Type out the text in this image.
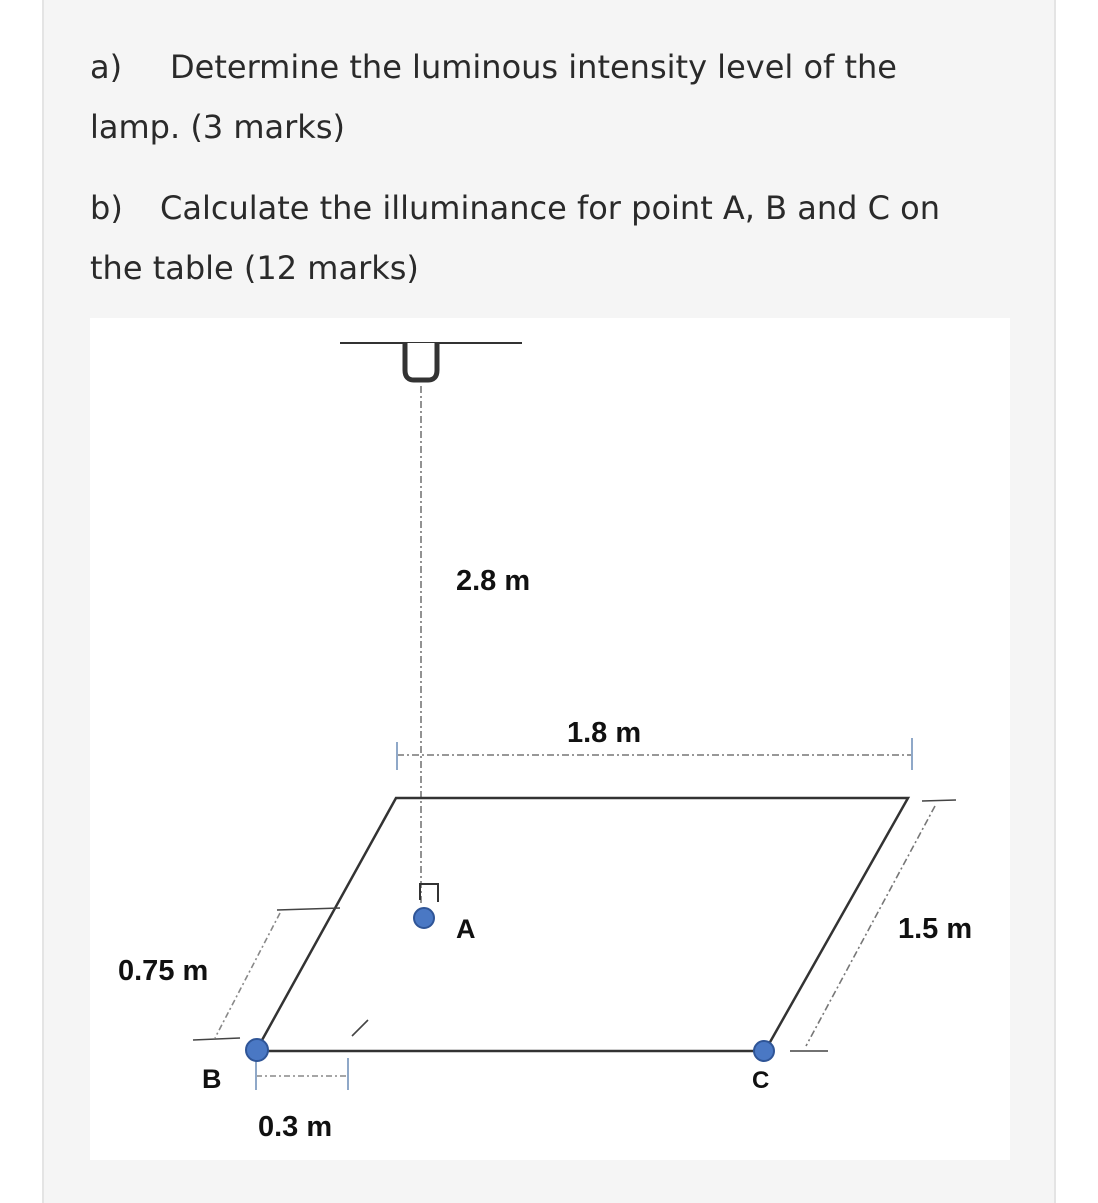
a) Determine the luminous intensity level of the
lamp. (3 marks)

b) Calculate the illuminance for point A, B and C on
the table (12 marks)

2.8 m
1.8 m
1.5 m
0.75 m
0.3 m
A
B	C
